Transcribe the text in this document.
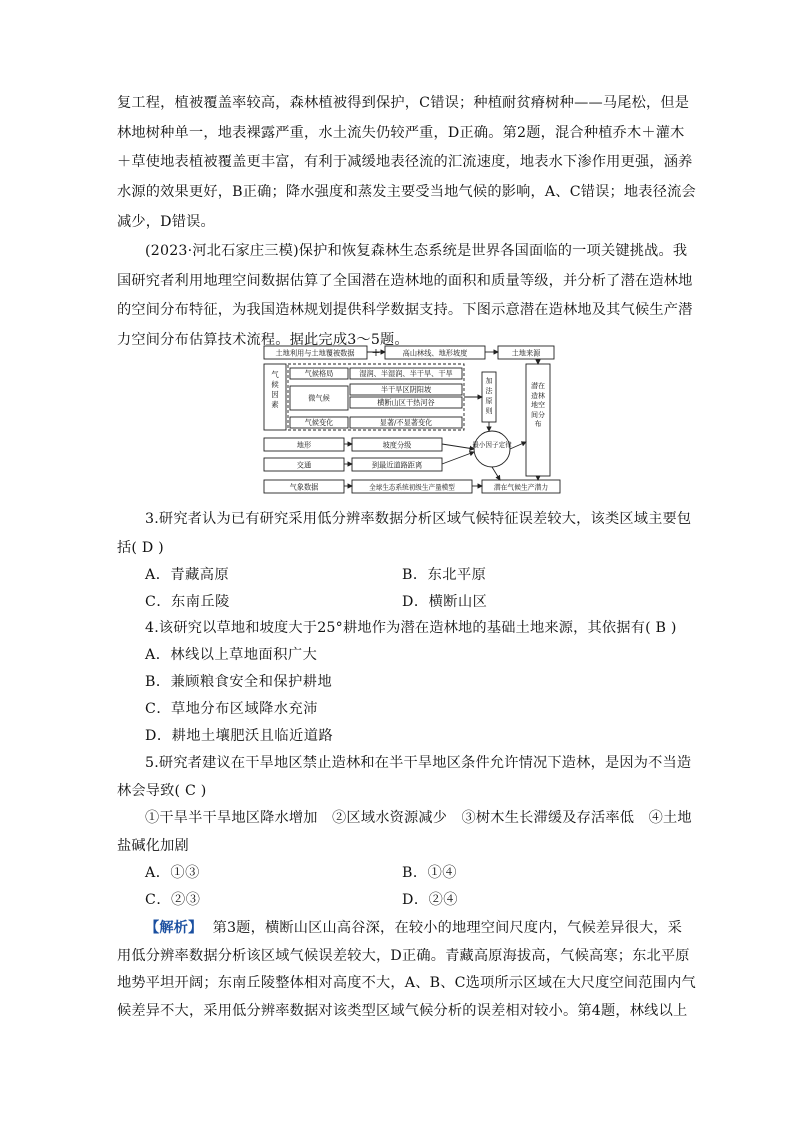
复工程，植被覆盖率较高，森林植被得到保护，C错误；种植耐贫瘠树种——马尾松，但是
林地树种单一，地表裸露严重，水土流失仍较严重，D正确。第2题，混合种植乔木＋灌木
＋草使地表植被覆盖更丰富，有利于减缓地表径流的汇流速度，地表水下渗作用更强，涵养
水源的效果更好，B正确；降水强度和蒸发主要受当地气候的影响，A、C错误；地表径流会
减少，D错误。
(2023·河北石家庄三模)保护和恢复森林生态系统是世界各国面临的一项关键挑战。我
国研究者利用地理空间数据估算了全国潜在造林地的面积和质量等级，并分析了潜在造林地
的空间分布特征，为我国造林规划提供科学数据支持。下图示意潜在造林地及其气候生产潜
力空间分布估算技术流程。据此完成3～5题。
土地利用与土地覆被数据 +	高山林线、地形坡度	土地来源
气候格局	湿润、半湿润、半干旱、干旱
微气候
半干旱区阴阳坡
横断山区干热河谷
气候变化	显著/不显著变化
最小因子定律
地形	坡度分级
交通	到最近道路距离
气象数据	全球生态系统初级生产量模型	潜在气候生产潜力
气候因素
加法原则
潜在造林地空间分布
3.研究者认为已有研究采用低分辨率数据分析区域气候特征误差较大，该类区域主要包
括( D )
A．青藏高原	B．东北平原
C．东南丘陵	D．横断山区
4.该研究以草地和坡度大于25°耕地作为潜在造林地的基础土地来源，其依据有( B )
A．林线以上草地面积广大
B．兼顾粮食安全和保护耕地
C．草地分布区域降水充沛
D．耕地土壤肥沃且临近道路
5.研究者建议在干旱地区禁止造林和在半干旱地区条件允许情况下造林，是因为不当造
林会导致( C )
①干旱半干旱地区降水增加　②区域水资源减少　③树木生长滞缓及存活率低　④土地
盐碱化加剧
A．①③	B．①④
C．②③	D．②④
【解析】 第3题，横断山区山高谷深，在较小的地理空间尺度内，气候差异很大，采
用低分辨率数据分析该区域气候误差较大，D正确。青藏高原海拔高，气候高寒；东北平原
地势平坦开阔；东南丘陵整体相对高度不大，A、B、C选项所示区域在大尺度空间范围内气
候差异不大，采用低分辨率数据对该类型区域气候分析的误差相对较小。第4题，林线以上
